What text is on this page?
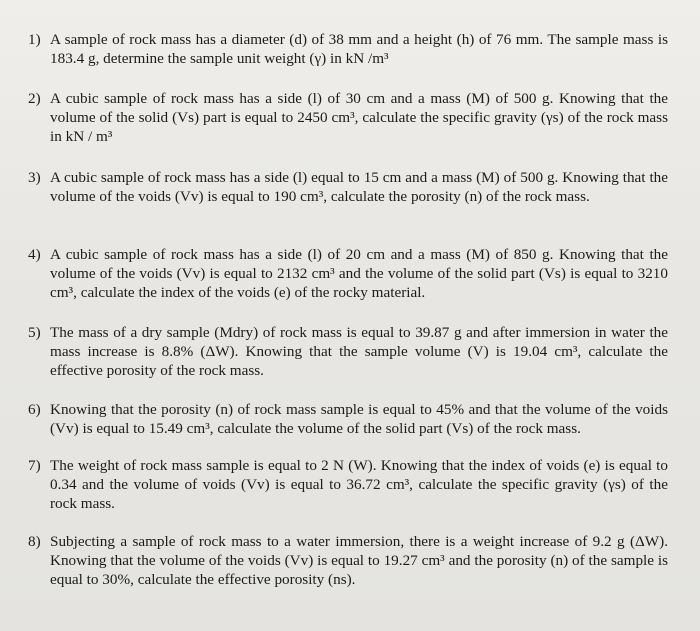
1) A sample of rock mass has a diameter (d) of 38 mm and a height (h) of 76 mm. The sample mass is 183.4 g, determine the sample unit weight (γ) in kN /m³
2) A cubic sample of rock mass has a side (l) of 30 cm and a mass (M) of 500 g. Knowing that the volume of the solid (Vs) part is equal to 2450 cm³, calculate the specific gravity (γs) of the rock mass in kN / m³
3) A cubic sample of rock mass has a side (l) equal to 15 cm and a mass (M) of 500 g. Knowing that the volume of the voids (Vv) is equal to 190 cm³, calculate the porosity (n) of the rock mass.
4) A cubic sample of rock mass has a side (l) of 20 cm and a mass (M) of 850 g. Knowing that the volume of the voids (Vv) is equal to 2132 cm³ and the volume of the solid part (Vs) is equal to 3210 cm³, calculate the index of the voids (e) of the rocky material.
5) The mass of a dry sample (Mdry) of rock mass is equal to 39.87 g and after immersion in water the mass increase is 8.8% (ΔW). Knowing that the sample volume (V) is 19.04 cm³, calculate the effective porosity of the rock mass.
6) Knowing that the porosity (n) of rock mass sample is equal to 45% and that the volume of the voids (Vv) is equal to 15.49 cm³, calculate the volume of the solid part (Vs) of the rock mass.
7) The weight of rock mass sample is equal to 2 N (W). Knowing that the index of voids (e) is equal to 0.34 and the volume of voids (Vv) is equal to 36.72 cm³, calculate the specific gravity (γs) of the rock mass.
8) Subjecting a sample of rock mass to a water immersion, there is a weight increase of 9.2 g (ΔW). Knowing that the volume of the voids (Vv) is equal to 19.27 cm³ and the porosity (n) of the sample is equal to 30%, calculate the effective porosity (ns).
